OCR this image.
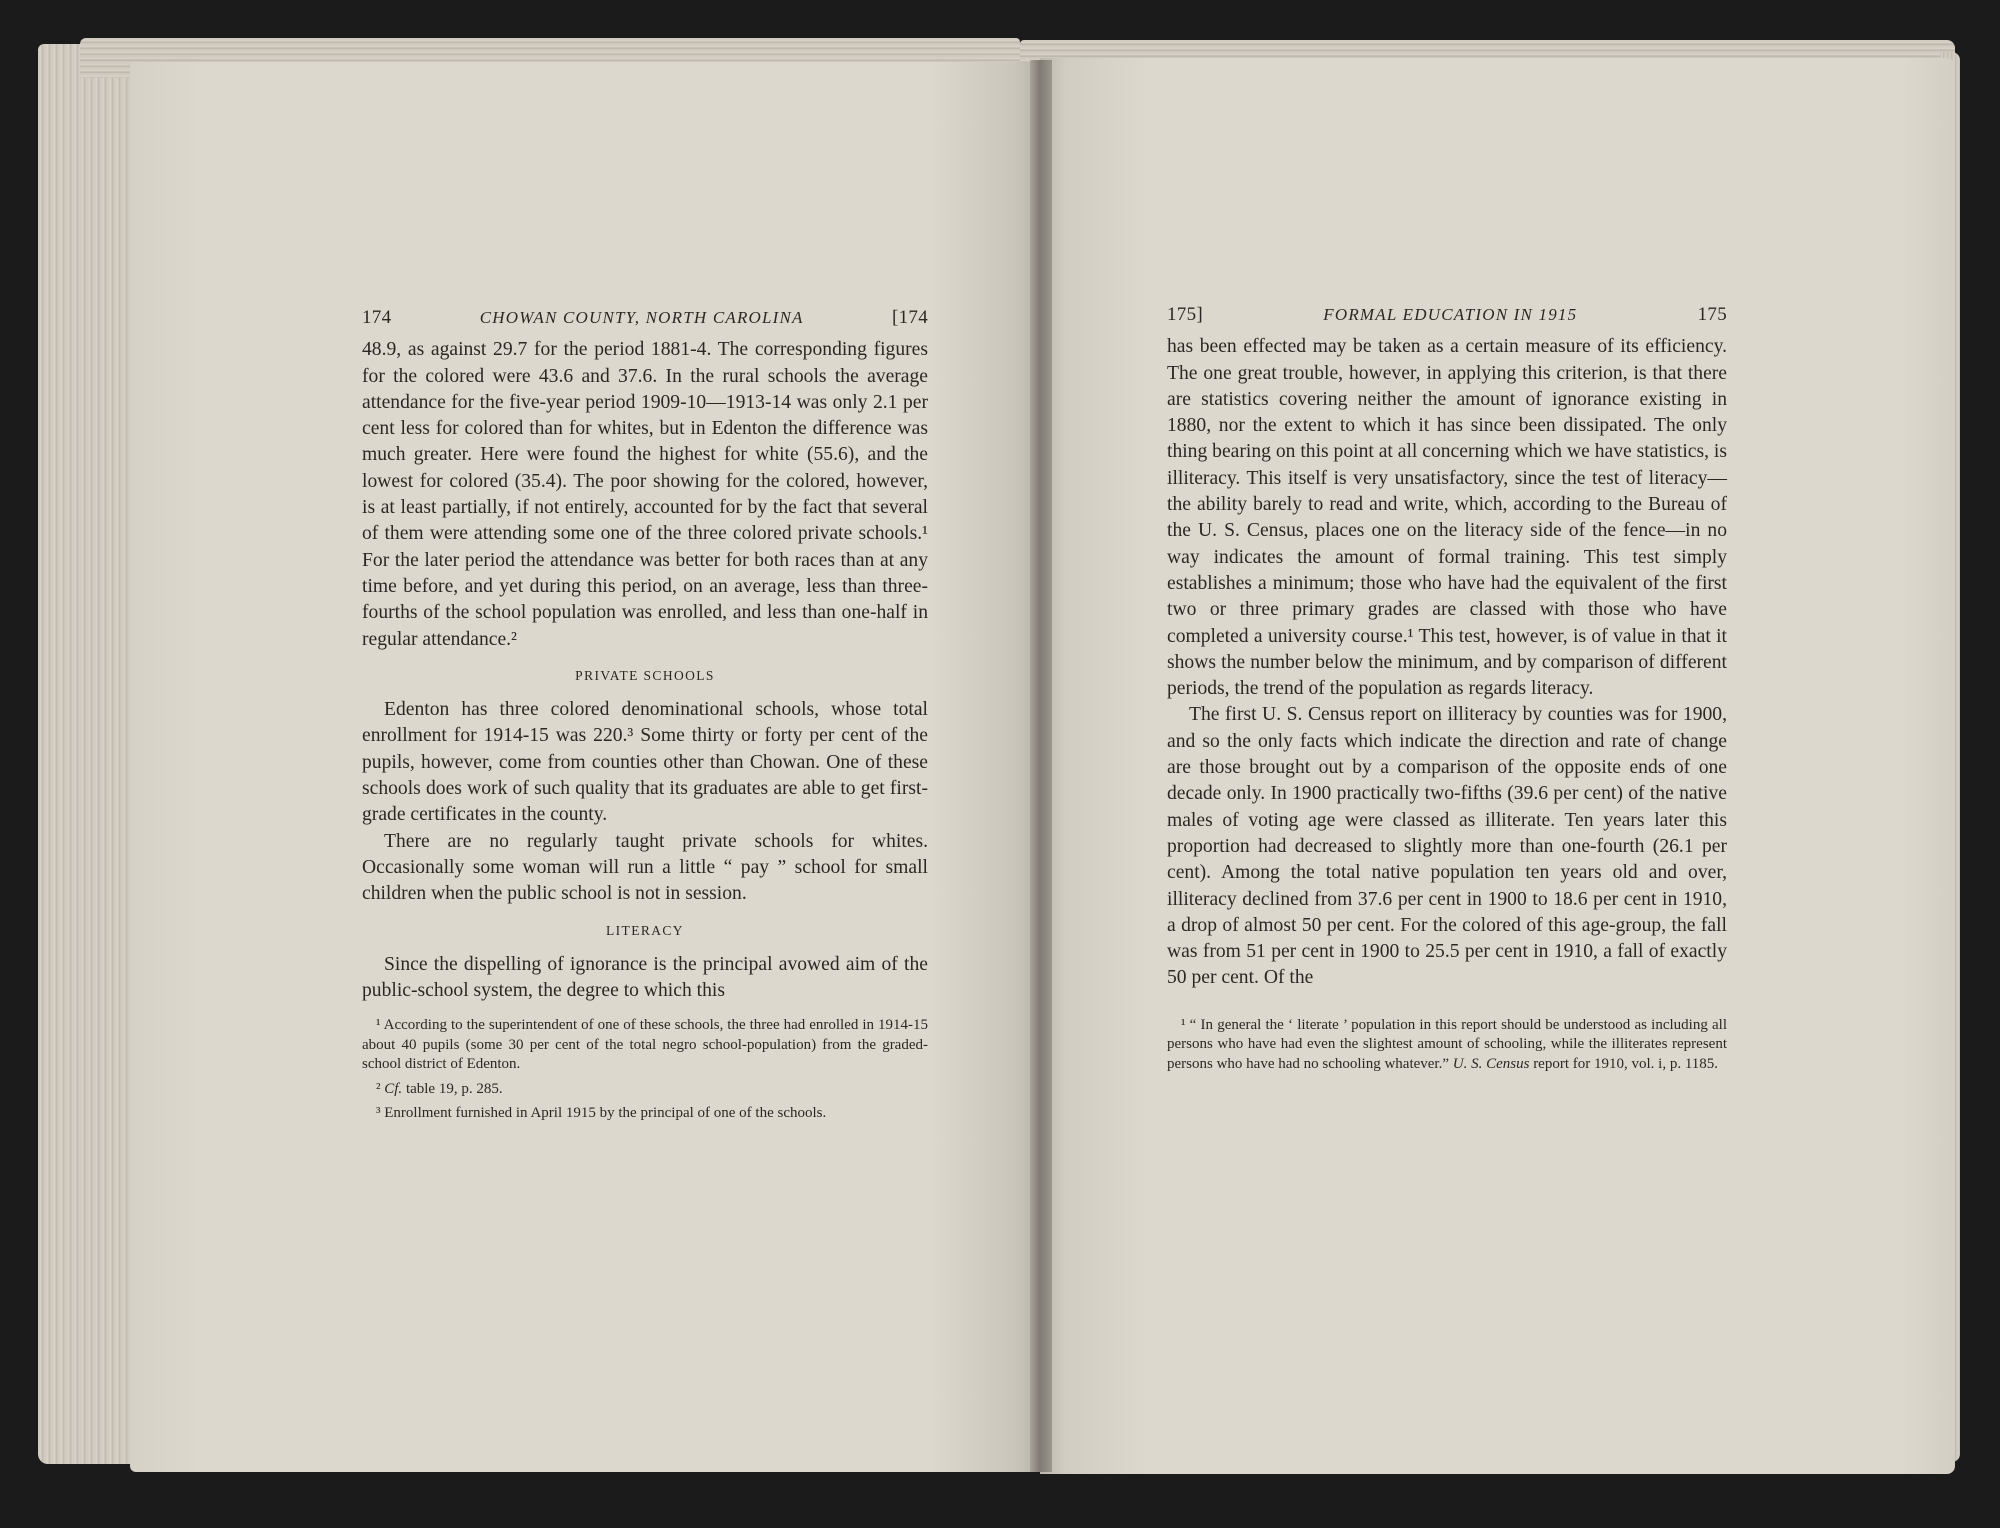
174	CHOWAN COUNTY, NORTH CAROLINA	[174

48.9, as against 29.7 for the period 1881-4. The corresponding figures for the colored were 43.6 and 37.6. In the rural schools the average attendance for the five-year period 1909-10—1913-14 was only 2.1 per cent less for colored than for whites, but in Edenton the difference was much greater. Here were found the highest for white (55.6), and the lowest for colored (35.4). The poor showing for the colored, however, is at least partially, if not entirely, accounted for by the fact that several of them were attending some one of the three colored private schools.¹ For the later period the attendance was better for both races than at any time before, and yet during this period, on an average, less than three-fourths of the school population was enrolled, and less than one-half in regular attendance.²

PRIVATE SCHOOLS

Edenton has three colored denominational schools, whose total enrollment for 1914-15 was 220.³ Some thirty or forty per cent of the pupils, however, come from counties other than Chowan. One of these schools does work of such quality that its graduates are able to get first-grade certificates in the county.

There are no regularly taught private schools for whites. Occasionally some woman will run a little “ pay ” school for small children when the public school is not in session.

LITERACY

Since the dispelling of ignorance is the principal avowed aim of the public-school system, the degree to which this

¹ According to the superintendent of one of these schools, the three had enrolled in 1914-15 about 40 pupils (some 30 per cent of the total negro school-population) from the graded-school district of Edenton.

² Cf. table 19, p. 285.

³ Enrollment furnished in April 1915 by the principal of one of the schools.

175]	FORMAL EDUCATION IN 1915	175

has been effected may be taken as a certain measure of its efficiency. The one great trouble, however, in applying this criterion, is that there are statistics covering neither the amount of ignorance existing in 1880, nor the extent to which it has since been dissipated. The only thing bearing on this point at all concerning which we have statistics, is illiteracy. This itself is very unsatisfactory, since the test of literacy—the ability barely to read and write, which, according to the Bureau of the U. S. Census, places one on the literacy side of the fence—in no way indicates the amount of formal training. This test simply establishes a minimum; those who have had the equivalent of the first two or three primary grades are classed with those who have completed a university course.¹ This test, however, is of value in that it shows the number below the minimum, and by comparison of different periods, the trend of the population as regards literacy.

The first U. S. Census report on illiteracy by counties was for 1900, and so the only facts which indicate the direction and rate of change are those brought out by a comparison of the opposite ends of one decade only. In 1900 practically two-fifths (39.6 per cent) of the native males of voting age were classed as illiterate. Ten years later this proportion had decreased to slightly more than one-fourth (26.1 per cent). Among the total native population ten years old and over, illiteracy declined from 37.6 per cent in 1900 to 18.6 per cent in 1910, a drop of almost 50 per cent. For the colored of this age-group, the fall was from 51 per cent in 1900 to 25.5 per cent in 1910, a fall of exactly 50 per cent. Of the

¹ “ In general the ‘ literate ’ population in this report should be understood as including all persons who have had even the slightest amount of schooling, while the illiterates represent persons who have had no schooling whatever.” U. S. Census report for 1910, vol. i, p. 1185.
